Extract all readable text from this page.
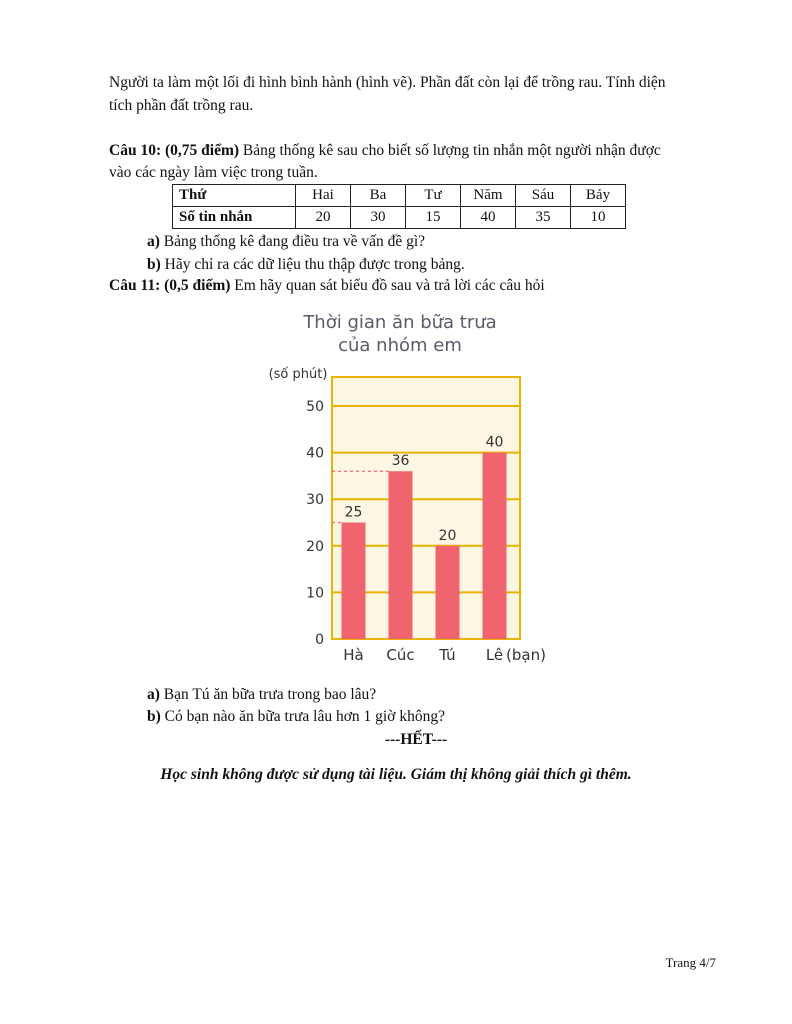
Người ta làm một lối đi hình bình hành (hình vẽ). Phần đất còn lại để trồng rau. Tính diện
tích phần đất trồng rau.
Câu 10: (0,75 điểm) Bảng thống kê sau cho biết số lượng tin nhắn một người nhận được
vào các ngày làm việc trong tuần.
Thứ	Hai	Ba	Tư	Năm	Sáu	Bảy
Số tin nhắn	20	30	15	40	35	10
a) Bảng thống kê đang điều tra về vấn đề gì?
b) Hãy chỉ ra các dữ liệu thu thập được trong bảng.
Câu 11: (0,5 điểm) Em hãy quan sát biểu đồ sau và trả lời các câu hỏi
Thời gian ăn bữa trưa
của nhóm em
(số phút)
0
10
20
30
40
50
25
Hà
36
Cúc
20
Tú
40
Lê (bạn)
a) Bạn Tú ăn bữa trưa trong bao lâu?
b) Có bạn nào ăn bữa trưa lâu hơn 1 giờ không?
---HẾT---
Học sinh không được sử dụng tài liệu. Giám thị không giải thích gì thêm.
Trang 4/7
